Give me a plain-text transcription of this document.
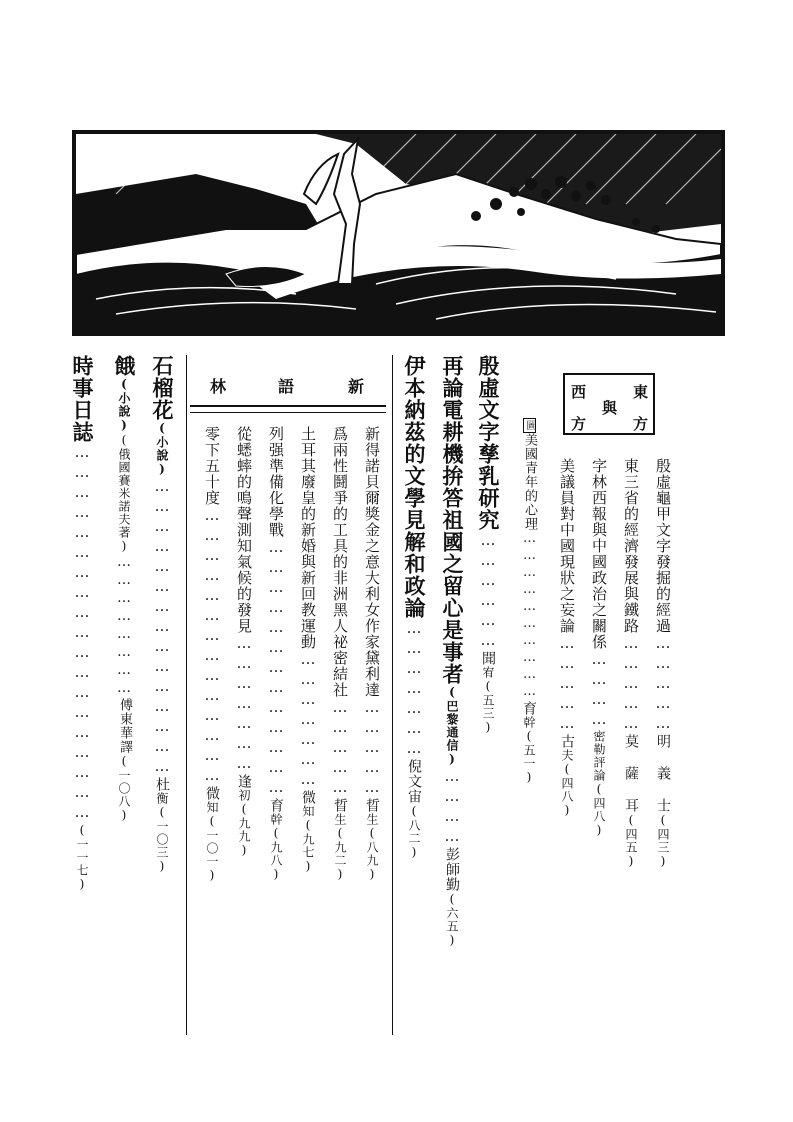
東
與
西
方
方
新
語
林
殷虛龜甲文字發掘的經過……………明 義 士(四三)
東三省的經濟發展與鐵路……………莫 薩 耳(四五)
字林西報與中國政治之關係…………密勒評論(四八)
美議員對中國現狀之妄論……………古夫(四八)
圖美國青年的心理…………………………育幹(五一)
殷虛文字孳乳研究………………聞宥(五三)
再論電耕機拚答祖國之留心是事者(巴黎通信)…………彭師勤(六五)
伊本納茲的文學見解和政論…………………倪文宙(八二)
新得諾貝爾獎金之意大利女作家黛利達……………晢生(八九)
爲兩性鬪爭的工具的非洲黑人祕密結社……………晢生(九二)
土耳其廢皇的新婚與新回教運動…………………微知(九七)
列强準備化學戰…………………………………育幹(九八)
從蟋蟀的鳴聲測知氣候的發見…………………逢初(九九)
零下五十度……………………………………微知(一〇一)
石榴花(小說)………………………………………杜衡(一〇三)
餓(小說)(俄國賽米諾夫著)……………………傅東華譯(一〇八)
時事日誌…………………………………………………(一一七)
